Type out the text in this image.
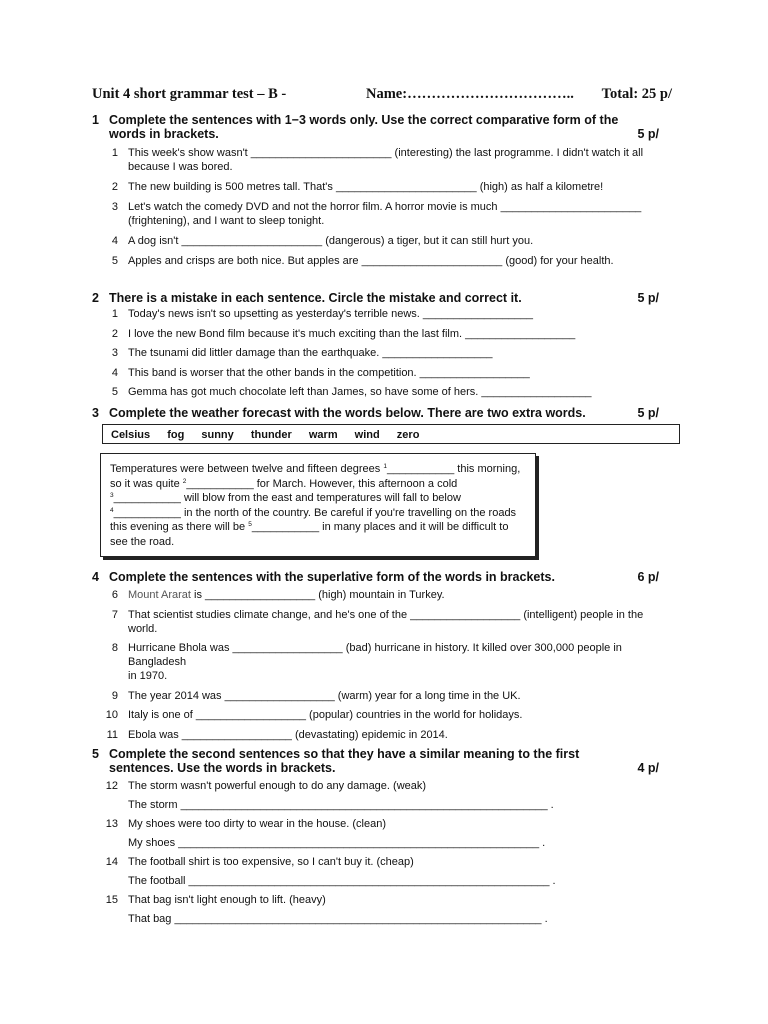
Unit 4 short grammar test – B -	Name:…………………………….. Total: 25 p/
1 Complete the sentences with 1−3 words only. Use the correct comparative form of the words in brackets.	5 p/
1 This week's show wasn't _______________________ (interesting) the last programme. I didn't watch it all because I was bored.
2 The new building is 500 metres tall. That's _______________________ (high) as half a kilometre!
3 Let's watch the comedy DVD and not the horror film. A horror movie is much _______________________ (frightening), and I want to sleep tonight.
4 A dog isn't _______________________ (dangerous) a tiger, but it can still hurt you.
5 Apples and crisps are both nice. But apples are _______________________ (good) for your health.
2 There is a mistake in each sentence. Circle the mistake and correct it.	5 p/
1 Today's news isn't so upsetting as yesterday's terrible news. __________________
2 I love the new Bond film because it's much exciting than the last film. __________________
3 The tsunami did littler damage than the earthquake. __________________
4 This band is worser that the other bands in the competition. __________________
5 Gemma has got much chocolate left than James, so have some of hers. __________________
3 Complete the weather forecast with the words below. There are two extra words.	5 p/
Celsius fog sunny thunder warm wind zero
Temperatures were between twelve and fifteen degrees $^1$___________ this morning, so it was quite $^2$___________ for March. However, this afternoon a cold $^3$___________ will blow from the east and temperatures will fall to below $^4$___________ in the north of the country. Be careful if you're travelling on the roads this evening as there will be $^5$___________ in many places and it will be difficult to see the road.
4 Complete the sentences with the superlative form of the words in brackets.	6 p/
6 Mount Ararat is __________________ (high) mountain in Turkey.
7 That scientist studies climate change, and he's one of the __________________ (intelligent) people in the world.
8 Hurricane Bhola was __________________ (bad) hurricane in history. It killed over 300,000 people in Bangladesh
in 1970.
9 The year 2014 was __________________ (warm) year for a long time in the UK.
10 Italy is one of __________________ (popular) countries in the world for holidays.
11 Ebola was __________________ (devastating) epidemic in 2014.
5 Complete the second sentences so that they have a similar meaning to the first sentences. Use the words in brackets.	4 p/
12 The storm wasn't powerful enough to do any damage. (weak)
The storm ____________________________________________________________ .
13 My shoes were too dirty to wear in the house. (clean)
My shoes ___________________________________________________________ .
14 The football shirt is too expensive, so I can't buy it. (cheap)
The football ___________________________________________________________ .
15 That bag isn't light enough to lift. (heavy)
That bag ____________________________________________________________ .
